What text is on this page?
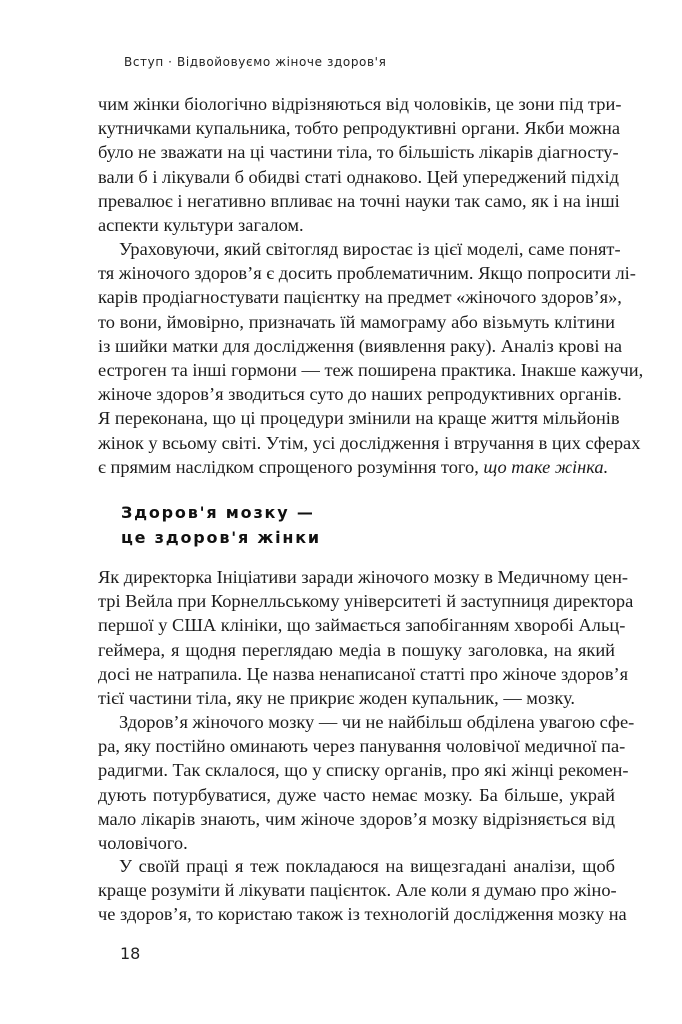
Вступ · Відвойовуємо жіноче здоров'я
чим жінки біологічно відрізняються від чоловіків, це зони під три-
кутничками купальника, тобто репродуктивні органи. Якби можна
було не зважати на ці частини тіла, то більшість лікарів діагносту-
вали б і лікували б обидві статі однаково. Цей упереджений підхід
превалює і негативно впливає на точні науки так само, як і на інші
аспекти культури загалом.
Ураховуючи, який світогляд виростає із цієї моделі, саме понят-
тя жіночого здоров’я є досить проблематичним. Якщо попросити лі-
карів продіагностувати пацієнтку на предмет «жіночого здоров’я»,
то вони, ймовірно, призначать їй мамограму або візьмуть клітини
із шийки матки для дослідження (виявлення раку). Аналіз крові на
естроген та інші гормони — теж поширена практика. Інакше кажучи,
жіноче здоров’я зводиться суто до наших репродуктивних органів.
Я переконана, що ці процедури змінили на краще життя мільйонів
жінок у всьому світі. Утім, усі дослідження і втручання в цих сферах
є прямим наслідком спрощеного розуміння того, що таке жінка.
Здоров'я мозку —
це здоров'я жінки
Як директорка Ініціативи заради жіночого мозку в Медичному цен-
трі Вейла при Корнелльському університеті й заступниця директора
першої у США клініки, що займається запобіганням хворобі Альц-
геймера, я щодня переглядаю медіа в пошуку заголовка, на який
досі не натрапила. Це назва ненаписаної статті про жіноче здоров’я
тієї частини тіла, яку не прикриє жоден купальник, — мозку.
Здоров’я жіночого мозку — чи не найбільш обділена увагою сфе-
ра, яку постійно оминають через панування чоловічої медичної па-
радигми. Так склалося, що у списку органів, про які жінці рекомен-
дують потурбуватися, дуже часто немає мозку. Ба більше, украй
мало лікарів знають, чим жіноче здоров’я мозку відрізняється від
чоловічого.
У своїй праці я теж покладаюся на вищезгадані аналізи, щоб
краще розуміти й лікувати пацієнток. Але коли я думаю про жіно-
че здоров’я, то користаю також із технологій дослідження мозку на
18
